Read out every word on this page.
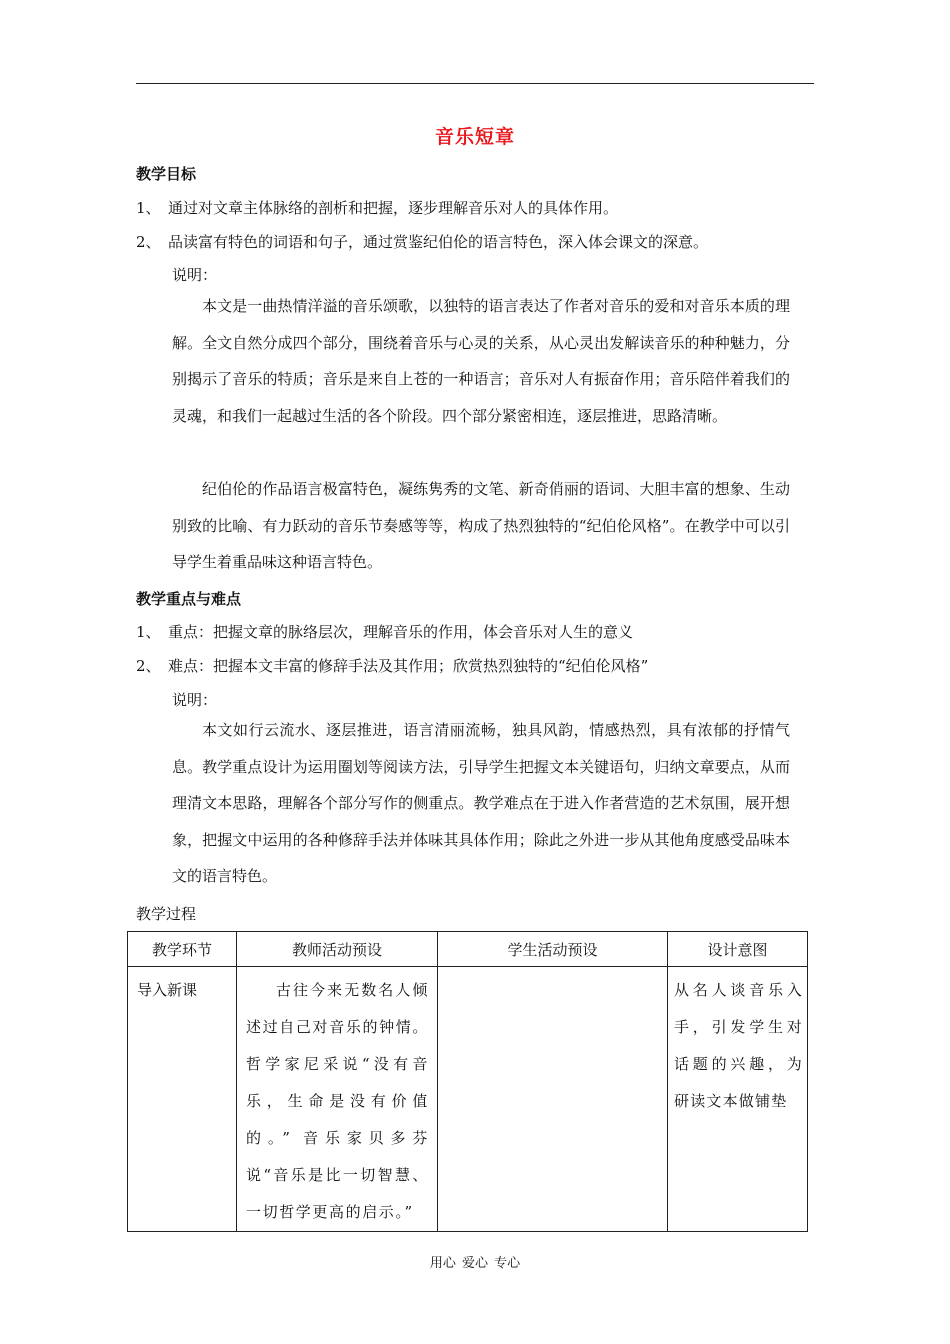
音乐短章
教学目标
1、 通过对文章主体脉络的剖析和把握，逐步理解音乐对人的具体作用。
2、 品读富有特色的词语和句子，通过赏鉴纪伯伦的语言特色，深入体会课文的深意。
说明：
本文是一曲热情洋溢的音乐颂歌，以独特的语言表达了作者对音乐的爱和对音乐本质的理解。全文自然分成四个部分，围绕着音乐与心灵的关系，从心灵出发解读音乐的种种魅力，分别揭示了音乐的特质；音乐是来自上苍的一种语言；音乐对人有振奋作用；音乐陪伴着我们的灵魂，和我们一起越过生活的各个阶段。四个部分紧密相连，逐层推进，思路清晰。
纪伯伦的作品语言极富特色，凝练隽秀的文笔、新奇俏丽的语词、大胆丰富的想象、生动别致的比喻、有力跃动的音乐节奏感等等，构成了热烈独特的“纪伯伦风格”。在教学中可以引导学生着重品味这种语言特色。
教学重点与难点
1、 重点：把握文章的脉络层次，理解音乐的作用，体会音乐对人生的意义
2、 难点：把握本文丰富的修辞手法及其作用；欣赏热烈独特的“纪伯伦风格”
说明：
本文如行云流水、逐层推进，语言清丽流畅，独具风韵，情感热烈，具有浓郁的抒情气息。教学重点设计为运用圈划等阅读方法，引导学生把握文本关键语句，归纳文章要点，从而理清文本思路，理解各个部分写作的侧重点。教学难点在于进入作者营造的艺术氛围，展开想象，把握文中运用的各种修辞手法并体味其具体作用；除此之外进一步从其他角度感受品味本文的语言特色。
教学过程
教学环节	教师活动预设	学生活动预设	设计意图

导入新课	古往今来无数名人倾述过自己对音乐的钟情。哲学家尼采说“没有音乐，生命是没有价值的。” 音乐家贝多芬说“音乐是比一切智慧、一切哲学更高的启示。”		从名人谈音乐入手，引发学生对话题的兴趣，为研读文本做铺垫
用心 爱心 专心
